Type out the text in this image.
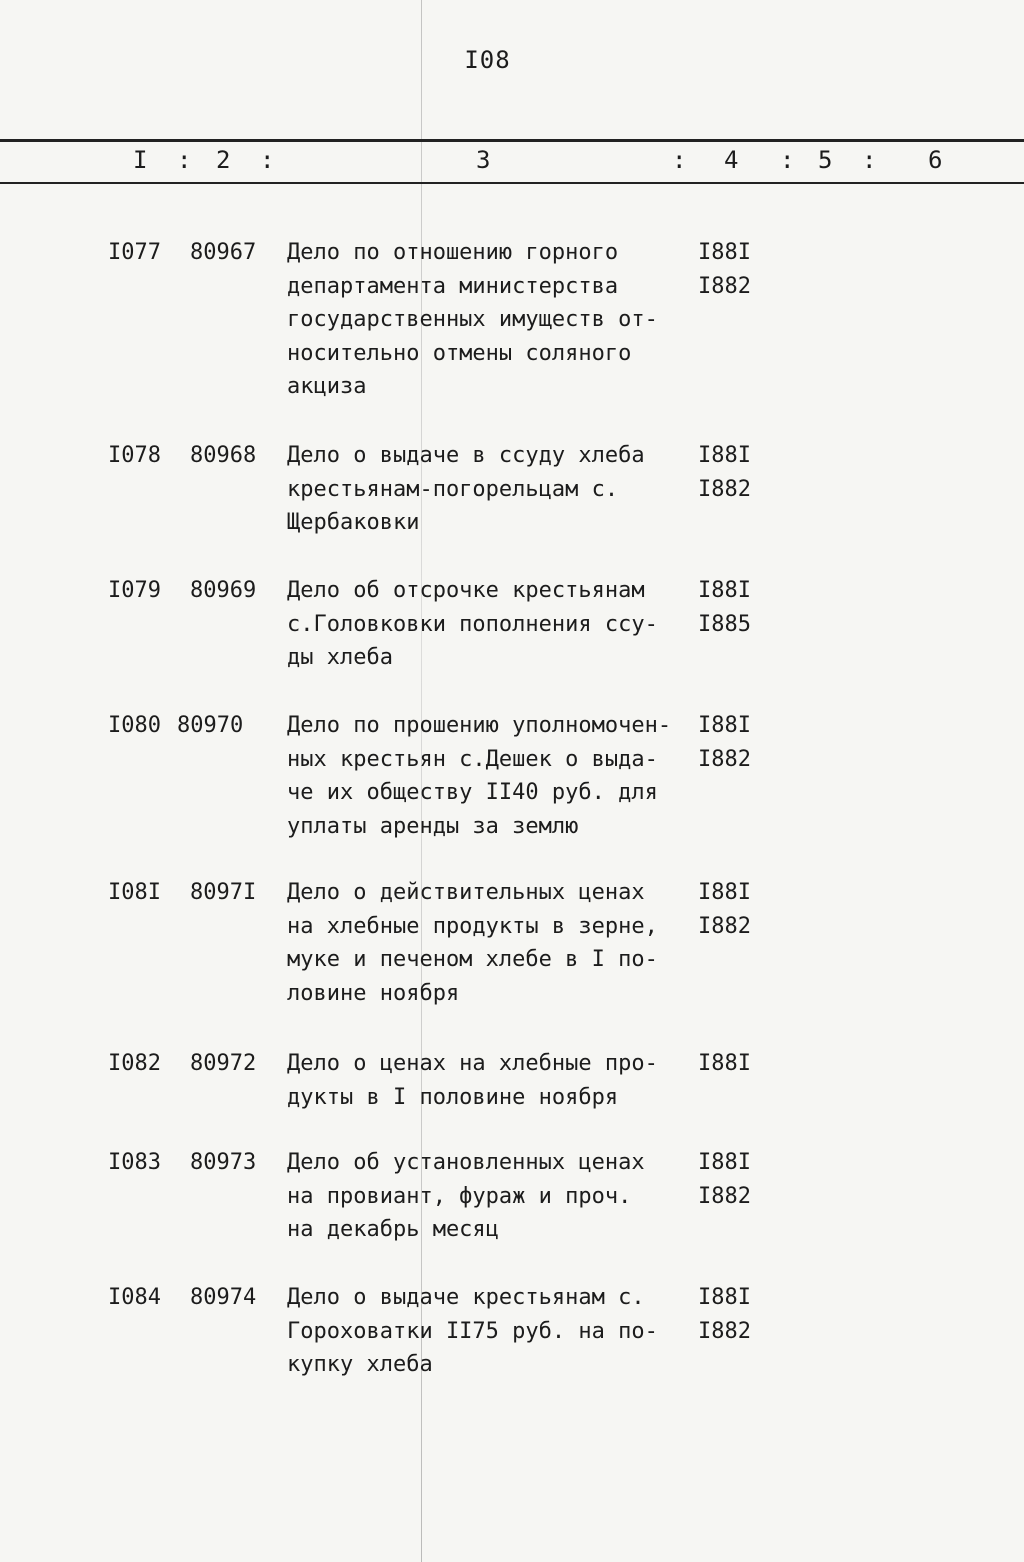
I08
I : 2 :	3	: 4 : 5 : 6
I077 80967 Дело по отношению горного
департамента министерства
государственных имуществ от-
носительно отмены соляного
акциза
I88I
I882
I078 80968 Дело о выдаче в ссуду хлеба
крестьянам-погорельцам с.
Щербаковки
I88I
I882
I079 80969 Дело об отсрочке крестьянам
с.Головковки пополнения ссу-
ды хлеба
I88I
I885
I080 80970 Дело по прошению уполномочен-
ных крестьян с.Дешек о выда-
че их обществу II40 руб. для
уплаты аренды за землю
I88I
I882
I08I 8097I Дело о действительных ценах
на хлебные продукты в зерне,
муке и печеном хлебе в I по-
ловине ноября
I88I
I882
I082 80972 Дело о ценах на хлебные про-
дукты в I половине ноября
I88I
I083 80973 Дело об установленных ценах
на провиант, фураж и проч.
на декабрь месяц
I88I
I882
I084 80974 Дело о выдаче крестьянам с.
Гороховатки II75 руб. на по-
купку хлеба
I88I
I882
